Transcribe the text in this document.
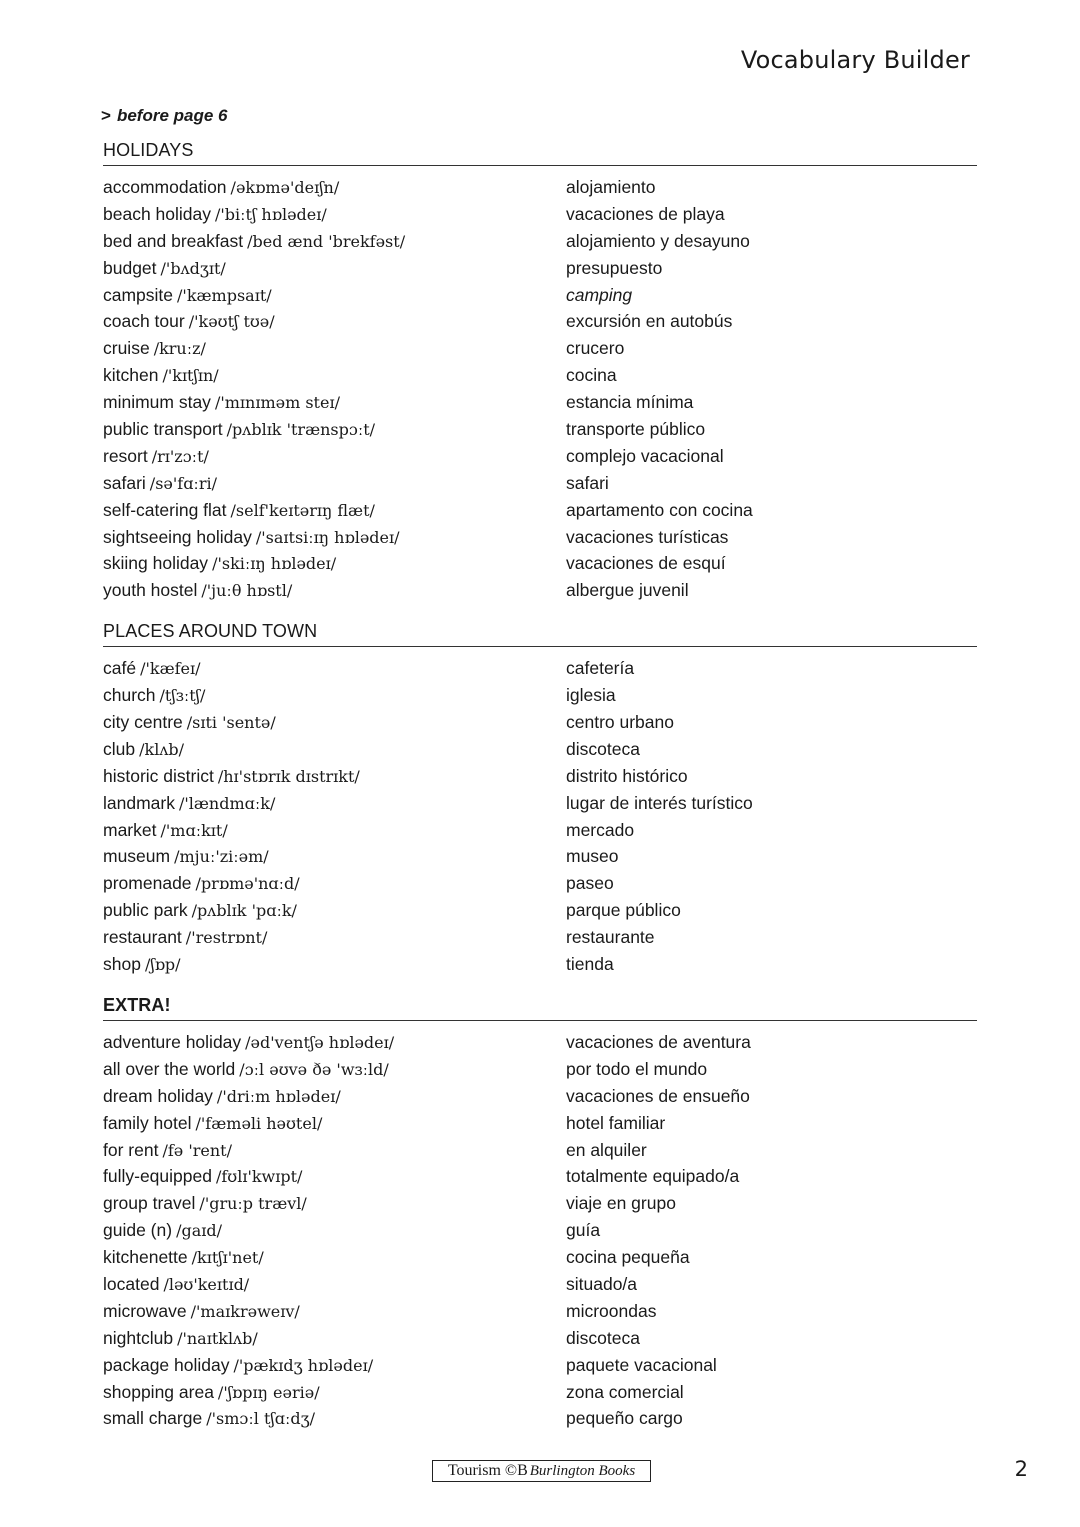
Vocabulary Builder
> before page 6
HOLIDAYS
accommodation /əkɒmə'deɪʃn/	alojamiento
beach holiday /'biːtʃ hɒlədeɪ/	vacaciones de playa
bed and breakfast /bed ænd 'brekfəst/	alojamiento y desayuno
budget /'bʌdʒɪt/	presupuesto
campsite /'kæmpsaɪt/	camping
coach tour /'kəʊtʃ tʊə/	excursión en autobús
cruise /kruːz/	crucero
kitchen /'kɪtʃɪn/	cocina
minimum stay /'mɪnɪməm steɪ/	estancia mínima
public transport /pʌblɪk 'trænspɔːt/	transporte público
resort /rɪ'zɔːt/	complejo vacacional
safari /sə'fɑːri/	safari
self-catering flat /self'keɪtərɪŋ flæt/	apartamento con cocina
sightseeing holiday /'saɪtsiːɪŋ hɒlədeɪ/	vacaciones turísticas
skiing holiday /'skiːɪŋ hɒlədeɪ/	vacaciones de esquí
youth hostel /'juːθ hɒstl/	albergue juvenil
PLACES AROUND TOWN
café /'kæfeɪ/	cafetería
church /tʃɜːtʃ/	iglesia
city centre /sɪti 'sentə/	centro urbano
club /klʌb/	discoteca
historic district /hɪ'stɒrɪk dɪstrɪkt/	distrito histórico
landmark /'lændmɑːk/	lugar de interés turístico
market /'mɑːkɪt/	mercado
museum /mjuː'ziːəm/	museo
promenade /prɒmə'nɑːd/	paseo
public park /pʌblɪk 'pɑːk/	parque público
restaurant /'restrɒnt/	restaurante
shop /ʃɒp/	tienda
EXTRA!
adventure holiday /əd'ventʃə hɒlədeɪ/	vacaciones de aventura
all over the world /ɔːl əʊvə ðə 'wɜːld/	por todo el mundo
dream holiday /'driːm hɒlədeɪ/	vacaciones de ensueño
family hotel /'fæməli həʊtel/	hotel familiar
for rent /fə 'rent/	en alquiler
fully-equipped /fʊlɪ'kwɪpt/	totalmente equipado/a
group travel /'gruːp trævl/	viaje en grupo
guide (n) /gaɪd/	guía
kitchenette /kɪtʃɪ'net/	cocina pequeña
located /ləʊ'keɪtɪd/	situado/a
microwave /'maɪkrəweɪv/	microondas
nightclub /'naɪtklʌb/	discoteca
package holiday /'pækɪdʒ hɒlədeɪ/	paquete vacacional
shopping area /'ʃɒpɪŋ eəriə/	zona comercial
small charge /'smɔːl tʃɑːdʒ/	pequeño cargo
Tourism © B Burlington Books	2
